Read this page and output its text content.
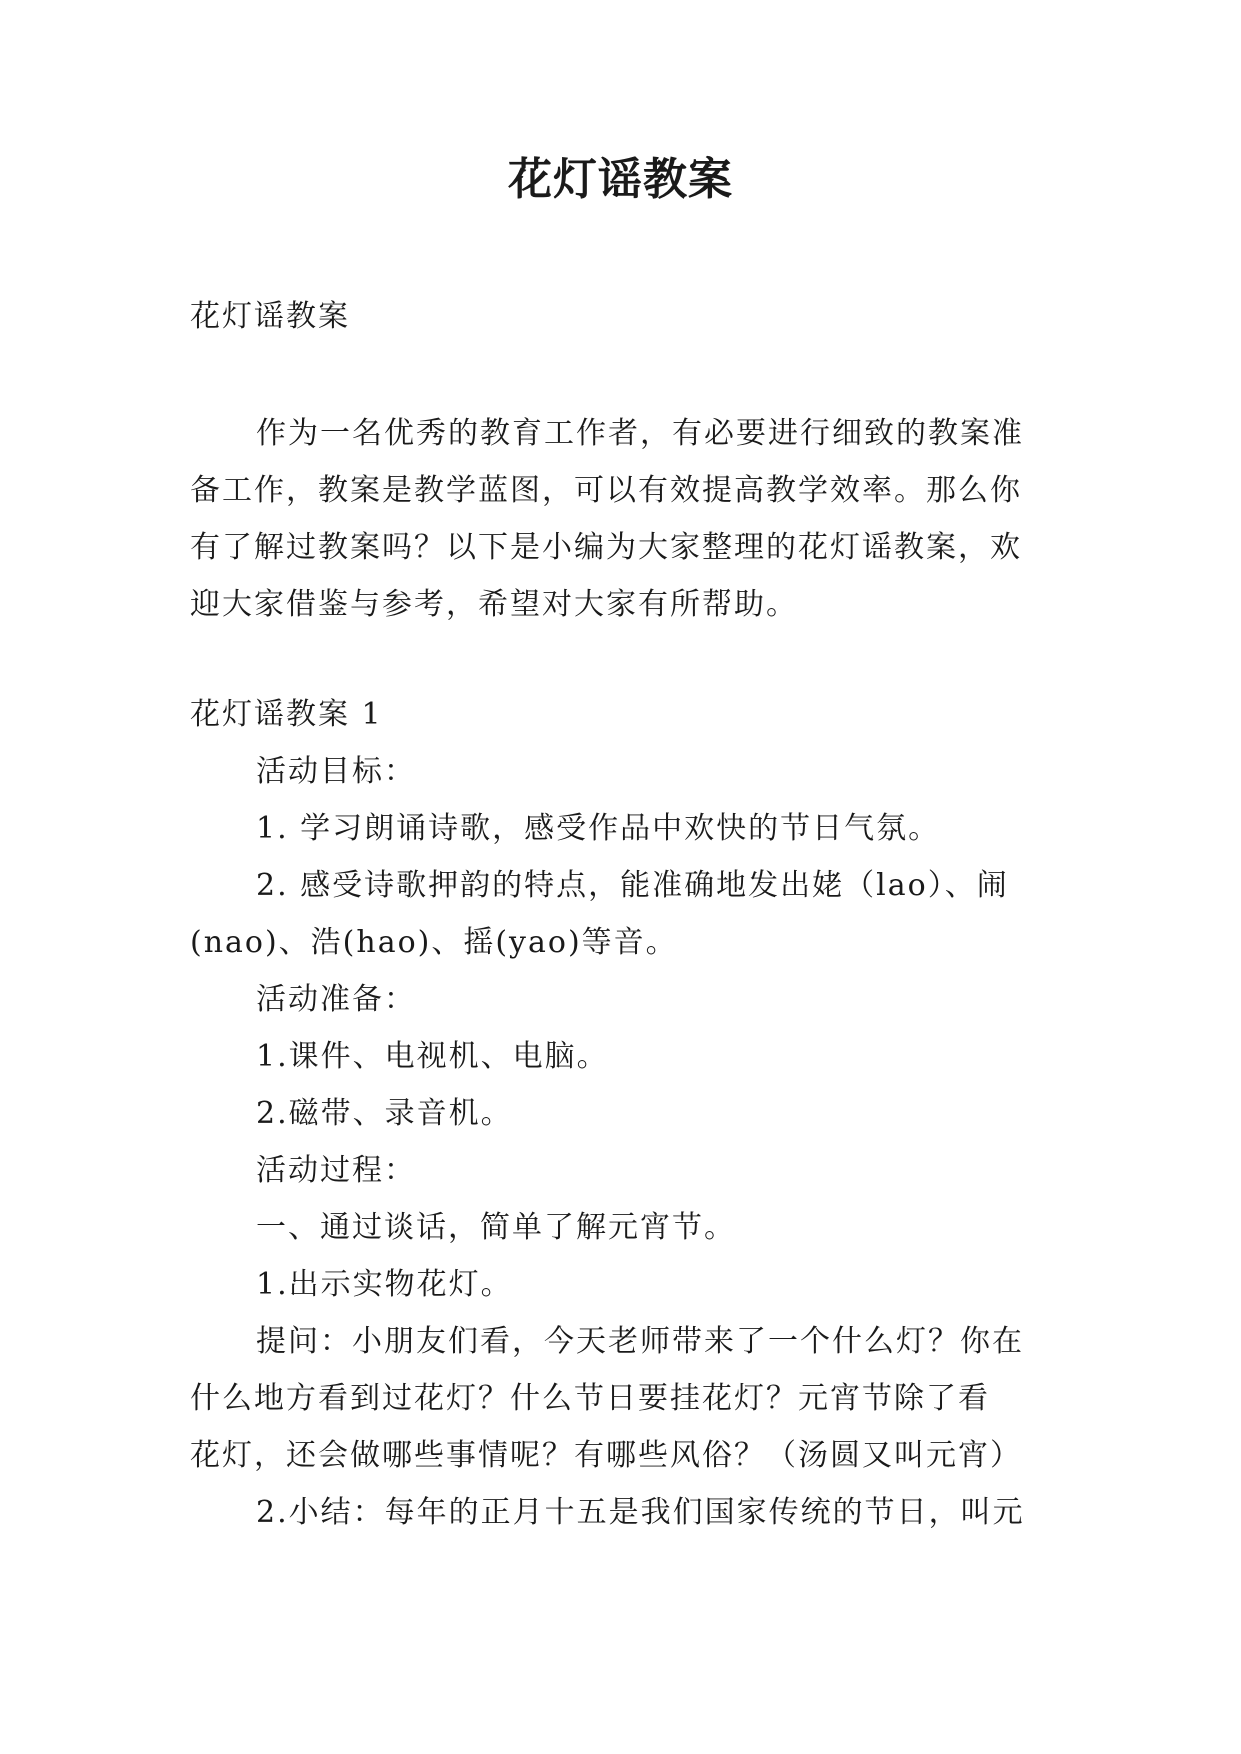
花灯谣教案

花灯谣教案

作为一名优秀的教育工作者，有必要进行细致的教案准

备工作，教案是教学蓝图，可以有效提高教学效率。那么你

有了解过教案吗？以下是小编为大家整理的花灯谣教案，欢

迎大家借鉴与参考，希望对大家有所帮助。

花灯谣教案 1

活动目标：

1. 学习朗诵诗歌，感受作品中欢快的节日气氛。

2. 感受诗歌押韵的特点，能准确地发出姥（lao）、闹

(nao)、浩(hao)、摇(yao)等音。

活动准备：

1.课件、电视机、电脑。

2.磁带、录音机。

活动过程：

一、通过谈话，简单了解元宵节。

1.出示实物花灯。

提问：小朋友们看，今天老师带来了一个什么灯？你在

什么地方看到过花灯？什么节日要挂花灯？元宵节除了看

花灯，还会做哪些事情呢？有哪些风俗？（汤圆又叫元宵）

2.小结：每年的正月十五是我们国家传统的节日，叫元
